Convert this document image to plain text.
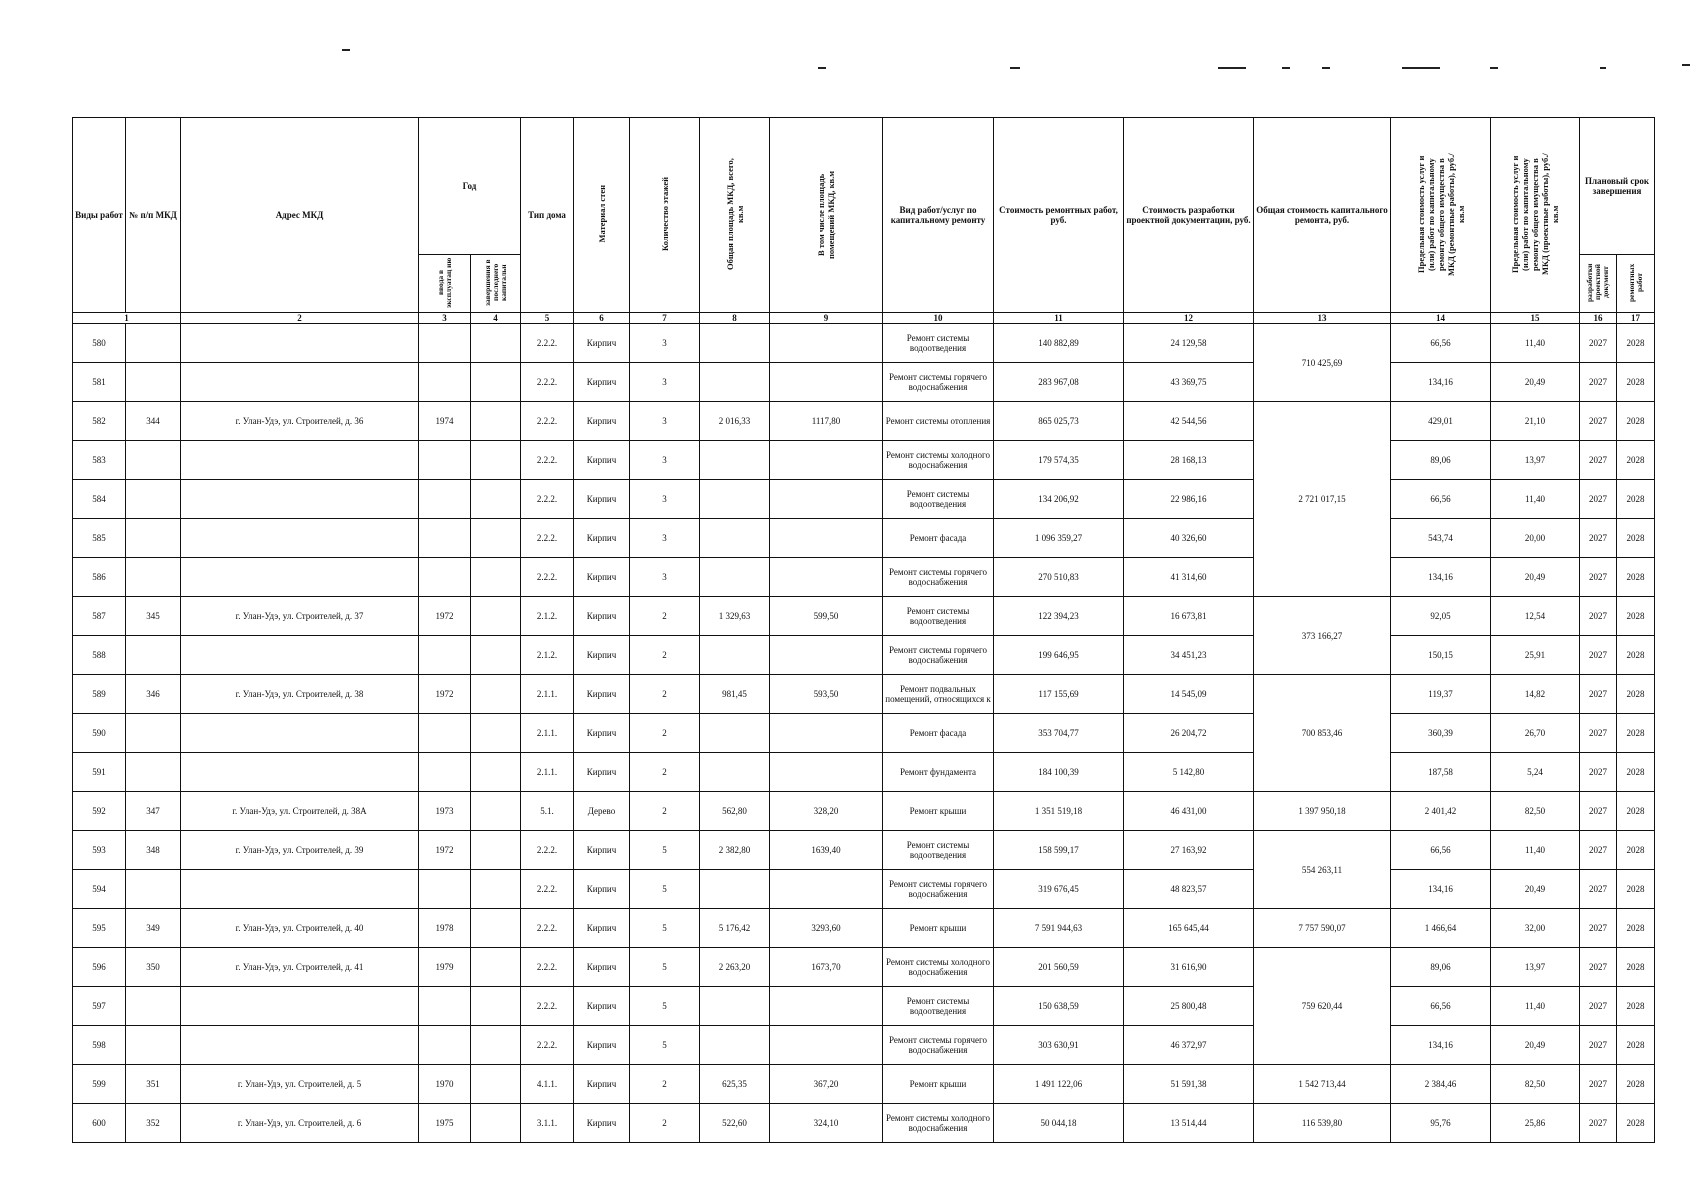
Виды работ	№ п/п МКД	Адрес МКД	Год		Тип дома	Материал стен	Количество этажей	Общая площадь МКД, всего, кв.м	В том числе площадь помещений МКД, кв.м	Вид работ/услуг по капитальному ремонту	Стоимость ремонтных работ, руб.	Стоимость разработки проектной документации, руб.	Общая стоимость капитального ремонта, руб.	Предельная стоимость услуг и (или) работ по капитальному ремонту общего имущества в МКД (ремонтные работы), руб./кв.м	Предельная стоимость услуг и (или) работ по капитальному ремонту общего имущества в МКД (проектные работы), руб./кв.м	Плановый срок завершения	
			ввода в эксплуатац ию	завершения в последнего капитальн												разработки проектной документ	ремонтных работ
1		2	3	4	5	6	7	8	9	10	11	12	13	14	15	16	17
580					2.2.2.	Кирпич	3			Ремонт системы водоотведения	140 882,89	24 129,58	710 425,69	66,56	11,40	2027	2028
581					2.2.2.	Кирпич	3			Ремонт системы горячего водоснабжения	283 967,08	43 369,75		134,16	20,49	2027	2028
582	344	г. Улан-Удэ, ул. Строителей, д. 36	1974		2.2.2.	Кирпич	3	2 016,33	1117,80	Ремонт системы отопления	865 025,73	42 544,56	2 721 017,15	429,01	21,10	2027	2028
583					2.2.2.	Кирпич	3			Ремонт системы холодного водоснабжения	179 574,35	28 168,13		89,06	13,97	2027	2028
584					2.2.2.	Кирпич	3			Ремонт системы водоотведения	134 206,92	22 986,16		66,56	11,40	2027	2028
585					2.2.2.	Кирпич	3			Ремонт фасада	1 096 359,27	40 326,60		543,74	20,00	2027	2028
586					2.2.2.	Кирпич	3			Ремонт системы горячего водоснабжения	270 510,83	41 314,60		134,16	20,49	2027	2028
587	345	г. Улан-Удэ, ул. Строителей, д. 37	1972		2.1.2.	Кирпич	2	1 329,63	599,50	Ремонт системы водоотведения	122 394,23	16 673,81	373 166,27	92,05	12,54	2027	2028
588					2.1.2.	Кирпич	2			Ремонт системы горячего водоснабжения	199 646,95	34 451,23		150,15	25,91	2027	2028
589	346	г. Улан-Удэ, ул. Строителей, д. 38	1972		2.1.1.	Кирпич	2	981,45	593,50	Ремонт подвальных помещений, относящихся к	117 155,69	14 545,09	700 853,46	119,37	14,82	2027	2028
590					2.1.1.	Кирпич	2			Ремонт фасада	353 704,77	26 204,72		360,39	26,70	2027	2028
591					2.1.1.	Кирпич	2			Ремонт фундамента	184 100,39	5 142,80		187,58	5,24	2027	2028
592	347	г. Улан-Удэ, ул. Строителей, д. 38А	1973		5.1.	Дерево	2	562,80	328,20	Ремонт крыши	1 351 519,18	46 431,00	1 397 950,18	2 401,42	82,50	2027	2028
593	348	г. Улан-Удэ, ул. Строителей, д. 39	1972		2.2.2.	Кирпич	5	2 382,80	1639,40	Ремонт системы водоотведения	158 599,17	27 163,92	554 263,11	66,56	11,40	2027	2028
594					2.2.2.	Кирпич	5			Ремонт системы горячего водоснабжения	319 676,45	48 823,57		134,16	20,49	2027	2028
595	349	г. Улан-Удэ, ул. Строителей, д. 40	1978		2.2.2.	Кирпич	5	5 176,42	3293,60	Ремонт крыши	7 591 944,63	165 645,44	7 757 590,07	1 466,64	32,00	2027	2028
596	350	г. Улан-Удэ, ул. Строителей, д. 41	1979		2.2.2.	Кирпич	5	2 263,20	1673,70	Ремонт системы холодного водоснабжения	201 560,59	31 616,90	759 620,44	89,06	13,97	2027	2028
597					2.2.2.	Кирпич	5			Ремонт системы водоотведения	150 638,59	25 800,48		66,56	11,40	2027	2028
598					2.2.2.	Кирпич	5			Ремонт системы горячего водоснабжения	303 630,91	46 372,97		134,16	20,49	2027	2028
599	351	г. Улан-Удэ, ул. Строителей, д. 5	1970		4.1.1.	Кирпич	2	625,35	367,20	Ремонт крыши	1 491 122,06	51 591,38	1 542 713,44	2 384,46	82,50	2027	2028
600	352	г. Улан-Удэ, ул. Строителей, д. 6	1975		3.1.1.	Кирпич	2	522,60	324,10	Ремонт системы холодного водоснабжения	50 044,18	13 514,44	116 539,80	95,76	25,86	2027	2028
